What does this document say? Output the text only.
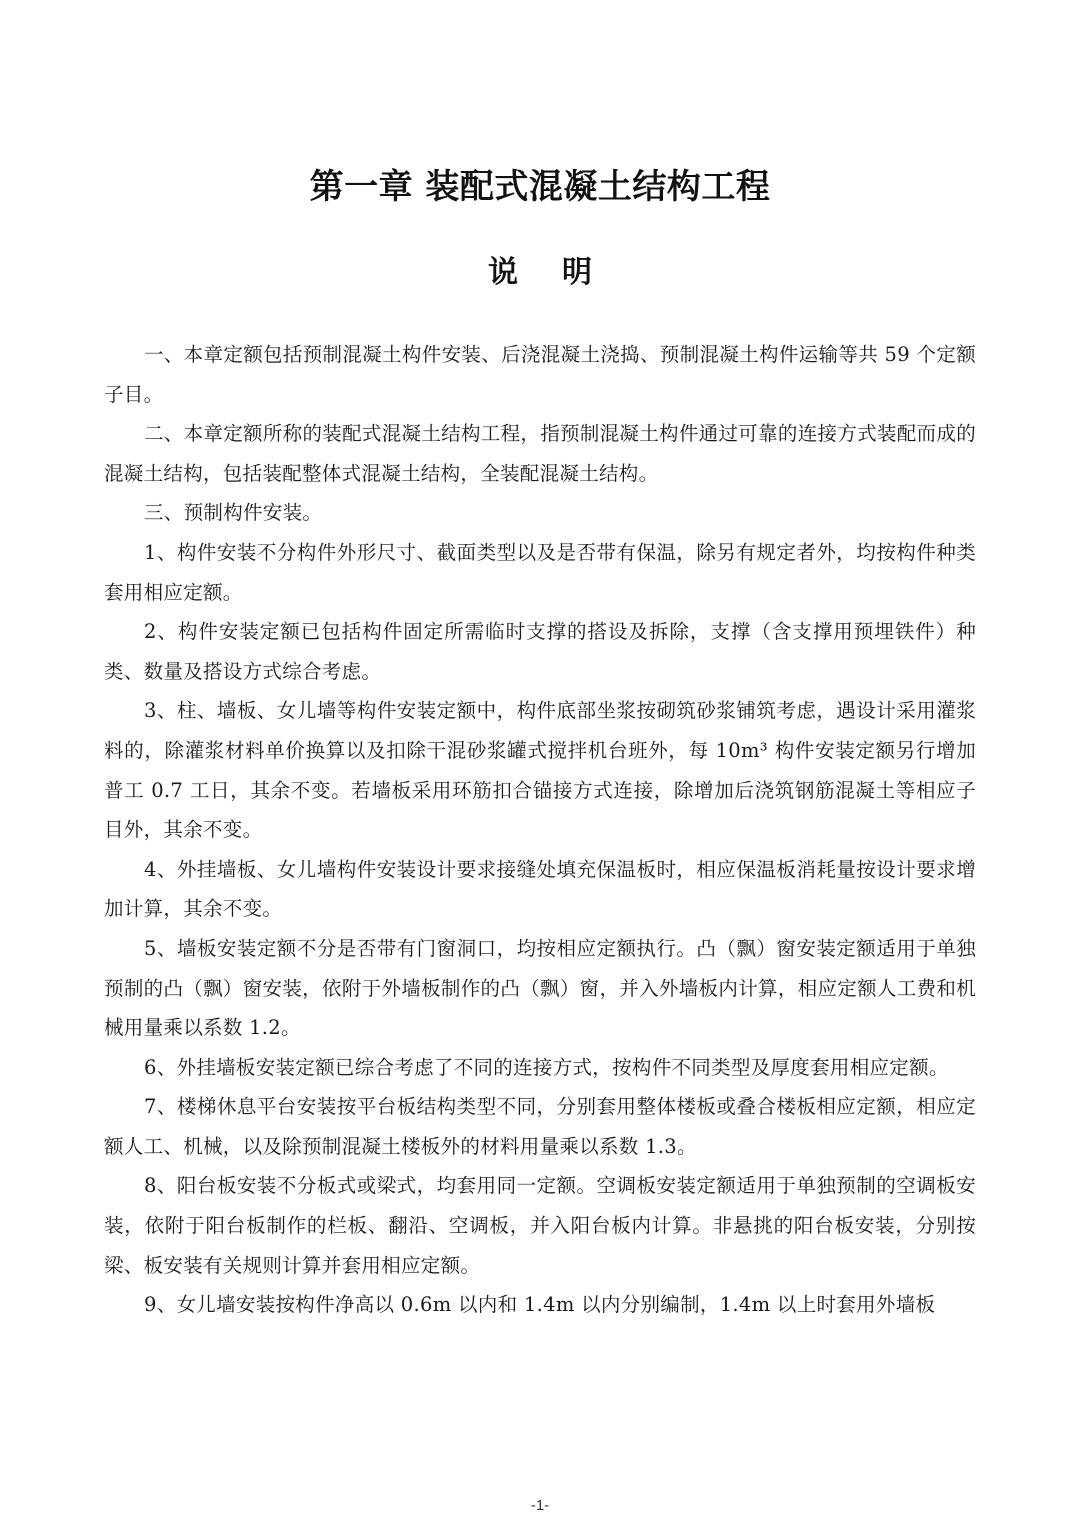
第一章 装配式混凝土结构工程
说 明

一、本章定额包括预制混凝土构件安装、后浇混凝土浇捣、预制混凝土构件运输等共 59 个定额子目。

二、本章定额所称的装配式混凝土结构工程，指预制混凝土构件通过可靠的连接方式装配而成的混凝土结构，包括装配整体式混凝土结构，全装配混凝土结构。

三、预制构件安装。

1、构件安装不分构件外形尺寸、截面类型以及是否带有保温，除另有规定者外，均按构件种类套用相应定额。

2、构件安装定额已包括构件固定所需临时支撑的搭设及拆除，支撑（含支撑用预埋铁件）种类、数量及搭设方式综合考虑。

3、柱、墙板、女儿墙等构件安装定额中，构件底部坐浆按砌筑砂浆铺筑考虑，遇设计采用灌浆料的，除灌浆材料单价换算以及扣除干混砂浆罐式搅拌机台班外，每 10m³ 构件安装定额另行增加普工 0.7 工日，其余不变。若墙板采用环筋扣合锚接方式连接，除增加后浇筑钢筋混凝土等相应子目外，其余不变。

4、外挂墙板、女儿墙构件安装设计要求接缝处填充保温板时，相应保温板消耗量按设计要求增加计算，其余不变。

5、墙板安装定额不分是否带有门窗洞口，均按相应定额执行。凸（飘）窗安装定额适用于单独预制的凸（飘）窗安装，依附于外墙板制作的凸（飘）窗，并入外墙板内计算，相应定额人工费和机械用量乘以系数 1.2。

6、外挂墙板安装定额已综合考虑了不同的连接方式，按构件不同类型及厚度套用相应定额。

7、楼梯休息平台安装按平台板结构类型不同，分别套用整体楼板或叠合楼板相应定额，相应定额人工、机械，以及除预制混凝土楼板外的材料用量乘以系数 1.3。

8、阳台板安装不分板式或梁式，均套用同一定额。空调板安装定额适用于单独预制的空调板安装，依附于阳台板制作的栏板、翻沿、空调板，并入阳台板内计算。非悬挑的阳台板安装，分别按梁、板安装有关规则计算并套用相应定额。

9、女儿墙安装按构件净高以 0.6m 以内和 1.4m 以内分别编制，1.4m 以上时套用外墙板

-1-
